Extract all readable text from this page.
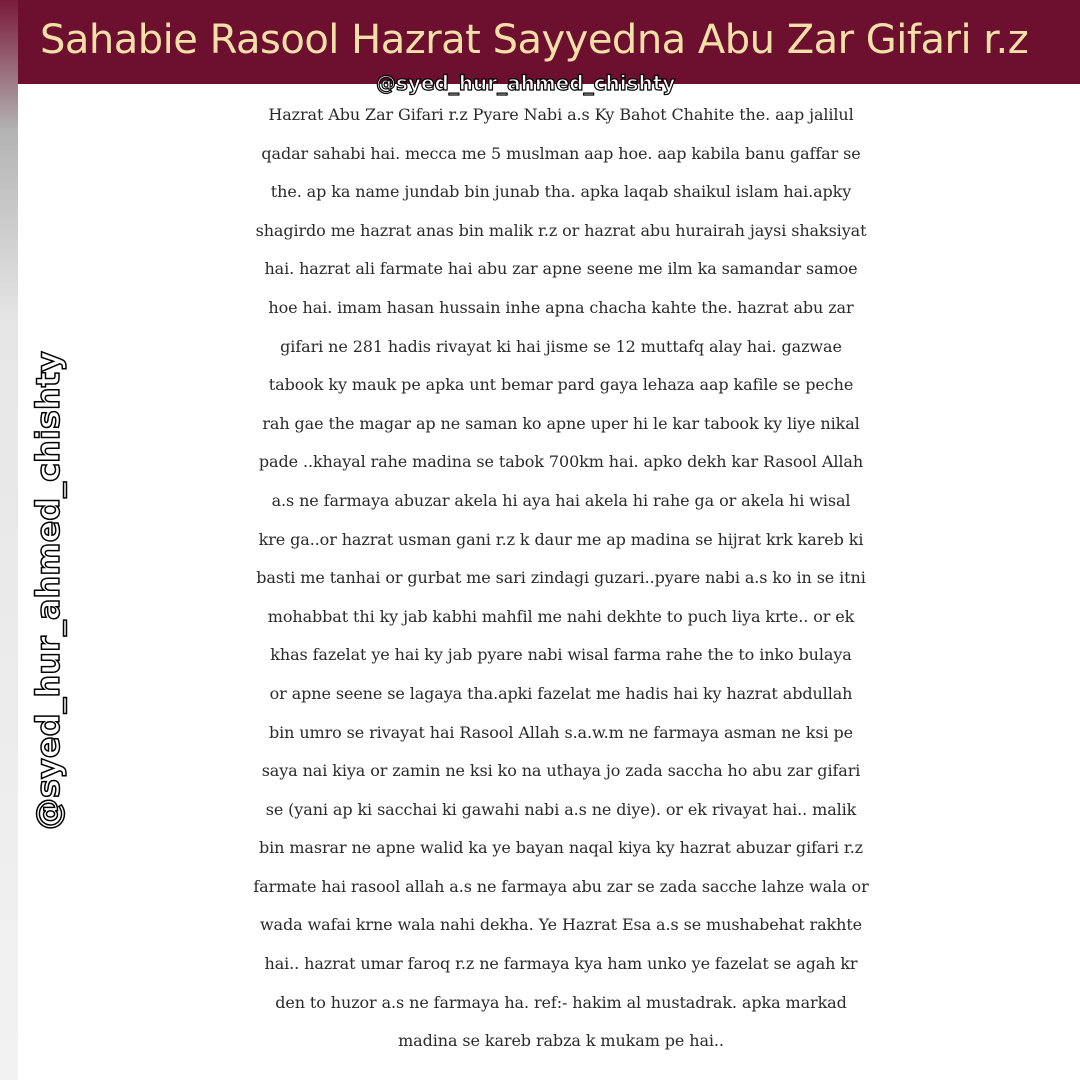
Sahabie Rasool Hazrat Sayyedna Abu Zar Gifari r.z
@syed_hur_ahmed_chishty
@syed_hur_ahmed_chishty
Hazrat Abu Zar Gifari r.z Pyare Nabi a.s Ky Bahot Chahite the. aap jalilul
qadar sahabi hai. mecca me 5 muslman aap hoe. aap kabila banu gaffar se
the. ap ka name jundab bin junab tha. apka laqab shaikul islam hai.apky
shagirdo me hazrat anas bin malik r.z or hazrat abu hurairah jaysi shaksiyat
hai. hazrat ali farmate hai abu zar apne seene me ilm ka samandar samoe
hoe hai. imam hasan hussain inhe apna chacha kahte the. hazrat abu zar
gifari ne 281 hadis rivayat ki hai jisme se 12 muttafq alay hai. gazwae
tabook ky mauk pe apka unt bemar pard gaya lehaza aap kafile se peche
rah gae the magar ap ne saman ko apne uper hi le kar tabook ky liye nikal
pade ..khayal rahe madina se tabok 700km hai. apko dekh kar Rasool Allah
a.s ne farmaya abuzar akela hi aya hai akela hi rahe ga or akela hi wisal
kre ga..or hazrat usman gani r.z k daur me ap madina se hijrat krk kareb ki
basti me tanhai or gurbat me sari zindagi guzari..pyare nabi a.s ko in se itni
mohabbat thi ky jab kabhi mahfil me nahi dekhte to puch liya krte.. or ek
khas fazelat ye hai ky jab pyare nabi wisal farma rahe the to inko bulaya
or apne seene se lagaya tha.apki fazelat me hadis hai ky hazrat abdullah
bin umro se rivayat hai Rasool Allah s.a.w.m ne farmaya asman ne ksi pe
saya nai kiya or zamin ne ksi ko na uthaya jo zada saccha ho abu zar gifari
se (yani ap ki sacchai ki gawahi nabi a.s ne diye). or ek rivayat hai.. malik
bin masrar ne apne walid ka ye bayan naqal kiya ky hazrat abuzar gifari r.z
farmate hai rasool allah a.s ne farmaya abu zar se zada sacche lahze wala or
wada wafai krne wala nahi dekha. Ye Hazrat Esa a.s se mushabehat rakhte
hai.. hazrat umar faroq r.z ne farmaya kya ham unko ye fazelat se agah kr
den to huzor a.s ne farmaya ha. ref:- hakim al mustadrak. apka markad
madina se kareb rabza k mukam pe hai..
